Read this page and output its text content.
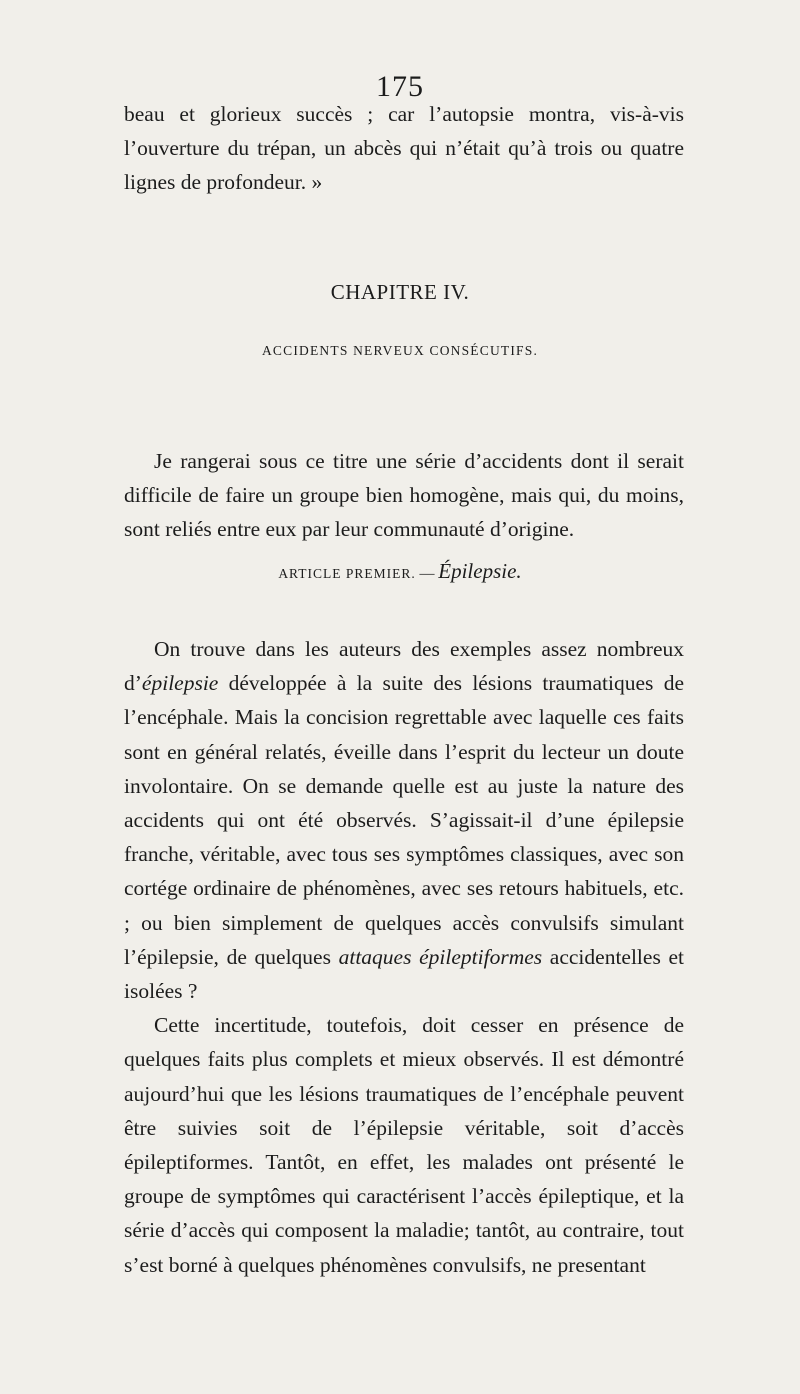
175

beau et glorieux succès ; car l’autopsie montra, vis-à-vis l’ouverture du trépan, un abcès qui n’était qu’à trois ou quatre lignes de profondeur. »

CHAPITRE IV.
ACCIDENTS NERVEUX CONSÉCUTIFS.

Je rangerai sous ce titre une série d’accidents dont il serait difficile de faire un groupe bien homogène, mais qui, du moins, sont reliés entre eux par leur communauté d’origine.

ARTICLE PREMIER. — Épilepsie.

On trouve dans les auteurs des exemples assez nombreux d’épilepsie développée à la suite des lésions traumatiques de l’encéphale. Mais la concision regrettable avec laquelle ces faits sont en général relatés, éveille dans l’esprit du lecteur un doute involontaire. On se demande quelle est au juste la nature des accidents qui ont été observés. S’agissait-il d’une épilepsie franche, véritable, avec tous ses symptômes classiques, avec son cortége ordinaire de phénomènes, avec ses retours habituels, etc. ; ou bien simplement de quelques accès convulsifs simulant l’épilepsie, de quelques attaques épileptiformes accidentelles et isolées ?

Cette incertitude, toutefois, doit cesser en présence de quelques faits plus complets et mieux observés. Il est démontré aujourd’hui que les lésions traumatiques de l’encéphale peuvent être suivies soit de l’épilepsie véritable, soit d’accès épileptiformes. Tantôt, en effet, les malades ont présenté le groupe de symptômes qui caractérisent l’accès épileptique, et la série d’accès qui composent la maladie; tantôt, au contraire, tout s’est borné à quelques phénomènes convulsifs, ne presentant
